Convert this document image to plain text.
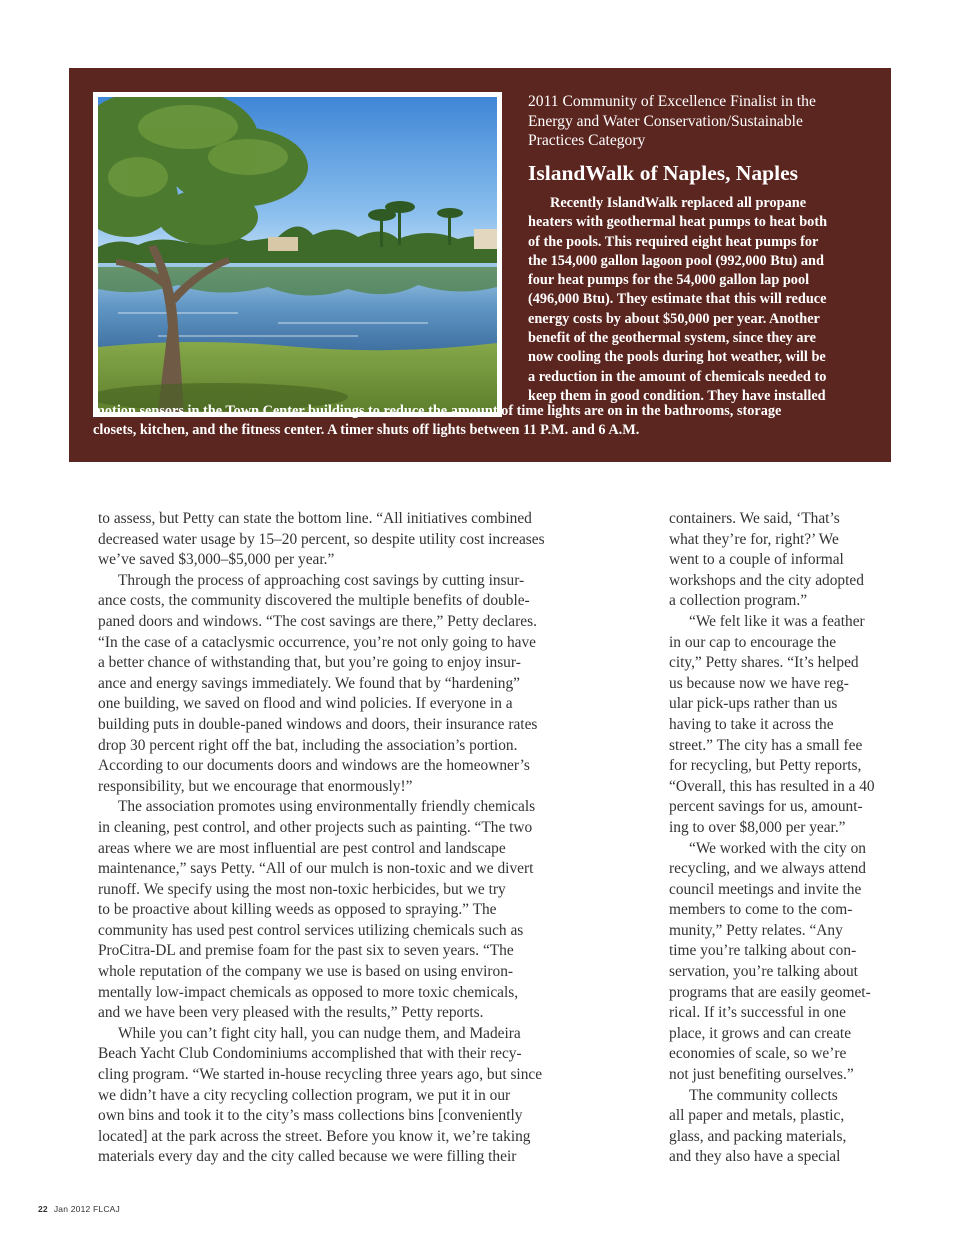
2011 Community of Excellence Finalist in the
Energy and Water Conservation/Sustainable
Practices Category
IslandWalk of Naples, Naples
Recently IslandWalk replaced all propane
heaters with geothermal heat pumps to heat both
of the pools. This required eight heat pumps for
the 154,000 gallon lagoon pool (992,000 Btu) and
four heat pumps for the 54,000 gallon lap pool
(496,000 Btu). They estimate that this will reduce
energy costs by about $50,000 per year. Another
benefit of the geothermal system, since they are
now cooling the pools during hot weather, will be
a reduction in the amount of chemicals needed to
keep them in good condition. They have installed
motion sensors in the Town Center buildings to reduce the amount of time lights are on in the bathrooms, storage
closets, kitchen, and the fitness center. A timer shuts off lights between 11 P.M. and 6 A.M.
to assess, but Petty can state the bottom line. “All initiatives combined
decreased water usage by 15–20 percent, so despite utility cost increases
we’ve saved $3,000–$5,000 per year.”
Through the process of approaching cost savings by cutting insur-
ance costs, the community discovered the multiple benefits of double-
paned doors and windows. “The cost savings are there,” Petty declares.
“In the case of a cataclysmic occurrence, you’re not only going to have
a better chance of withstanding that, but you’re going to enjoy insur-
ance and energy savings immediately. We found that by “hardening”
one building, we saved on flood and wind policies. If everyone in a
building puts in double-paned windows and doors, their insurance rates
drop 30 percent right off the bat, including the association’s portion.
According to our documents doors and windows are the homeowner’s
responsibility, but we encourage that enormously!”
The association promotes using environmentally friendly chemicals
in cleaning, pest control, and other projects such as painting. “The two
areas where we are most influential are pest control and landscape
maintenance,” says Petty. “All of our mulch is non-toxic and we divert
runoff. We specify using the most non-toxic herbicides, but we try
to be proactive about killing weeds as opposed to spraying.” The
community has used pest control services utilizing chemicals such as
ProCitra-DL and premise foam for the past six to seven years. “The
whole reputation of the company we use is based on using environ-
mentally low-impact chemicals as opposed to more toxic chemicals,
and we have been very pleased with the results,” Petty reports.
While you can’t fight city hall, you can nudge them, and Madeira
Beach Yacht Club Condominiums accomplished that with their recy-
cling program. “We started in-house recycling three years ago, but since
we didn’t have a city recycling collection program, we put it in our
own bins and took it to the city’s mass collections bins [conveniently
located] at the park across the street. Before you know it, we’re taking
materials every day and the city called because we were filling their
containers. We said, ‘That’s
what they’re for, right?’ We
went to a couple of informal
workshops and the city adopted
a collection program.”
“We felt like it was a feather
in our cap to encourage the
city,” Petty shares. “It’s helped
us because now we have reg-
ular pick-ups rather than us
having to take it across the
street.” The city has a small fee
for recycling, but Petty reports,
“Overall, this has resulted in a 40
percent savings for us, amount-
ing to over $8,000 per year.”
“We worked with the city on
recycling, and we always attend
council meetings and invite the
members to come to the com-
munity,” Petty relates. “Any
time you’re talking about con-
servation, you’re talking about
programs that are easily geomet-
rical. If it’s successful in one
place, it grows and can create
economies of scale, so we’re
not just benefiting ourselves.”
The community collects
all paper and metals, plastic,
glass, and packing materials,
and they also have a special
22 Jan 2012 FLCAJ
